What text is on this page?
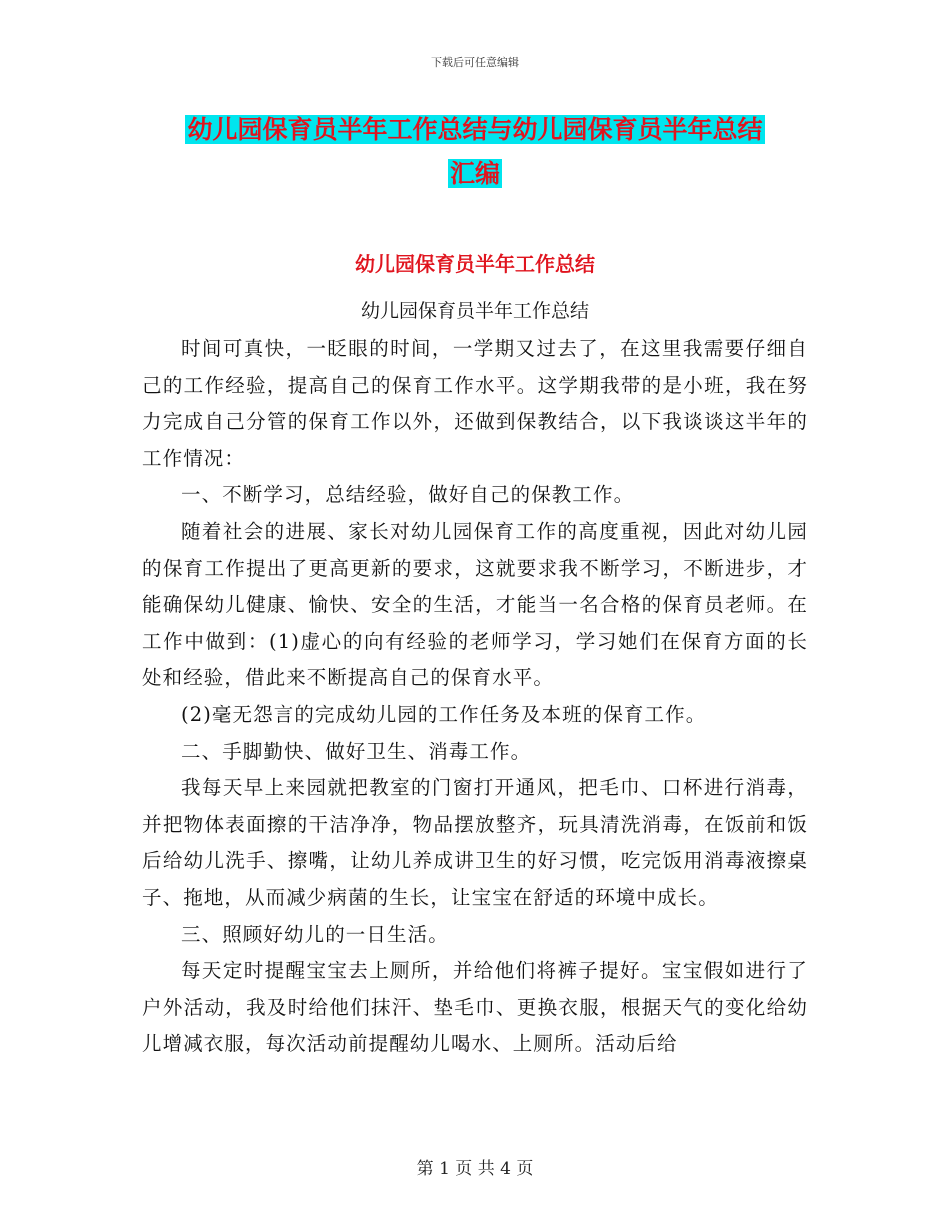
下载后可任意编辑
幼儿园保育员半年工作总结与幼儿园保育员半年总结
汇编
幼儿园保育员半年工作总结
幼儿园保育员半年工作总结

时间可真快，一眨眼的时间，一学期又过去了，在这里我需要仔细自己的工作经验，提高自己的保育工作水平。这学期我带的是小班，我在努力完成自己分管的保育工作以外，还做到保教结合，以下我谈谈这半年的工作情况：

一、不断学习，总结经验，做好自己的保教工作。

随着社会的进展、家长对幼儿园保育工作的高度重视，因此对幼儿园的保育工作提出了更高更新的要求，这就要求我不断学习，不断进步，才能确保幼儿健康、愉快、安全的生活，才能当一名合格的保育员老师。在工作中做到：(1)虚心的向有经验的老师学习，学习她们在保育方面的长处和经验，借此来不断提高自己的保育水平。

(2)毫无怨言的完成幼儿园的工作任务及本班的保育工作。

二、手脚勤快、做好卫生、消毒工作。

我每天早上来园就把教室的门窗打开通风，把毛巾、口杯进行消毒，并把物体表面擦的干洁净净，物品摆放整齐，玩具清洗消毒，在饭前和饭后给幼儿洗手、擦嘴，让幼儿养成讲卫生的好习惯，吃完饭用消毒液擦桌子、拖地，从而减少病菌的生长，让宝宝在舒适的环境中成长。

三、照顾好幼儿的一日生活。

每天定时提醒宝宝去上厕所，并给他们将裤子提好。宝宝假如进行了户外活动，我及时给他们抹汗、垫毛巾、更换衣服，根据天气的变化给幼儿增减衣服，每次活动前提醒幼儿喝水、上厕所。活动后给

第 1 页 共 4 页
